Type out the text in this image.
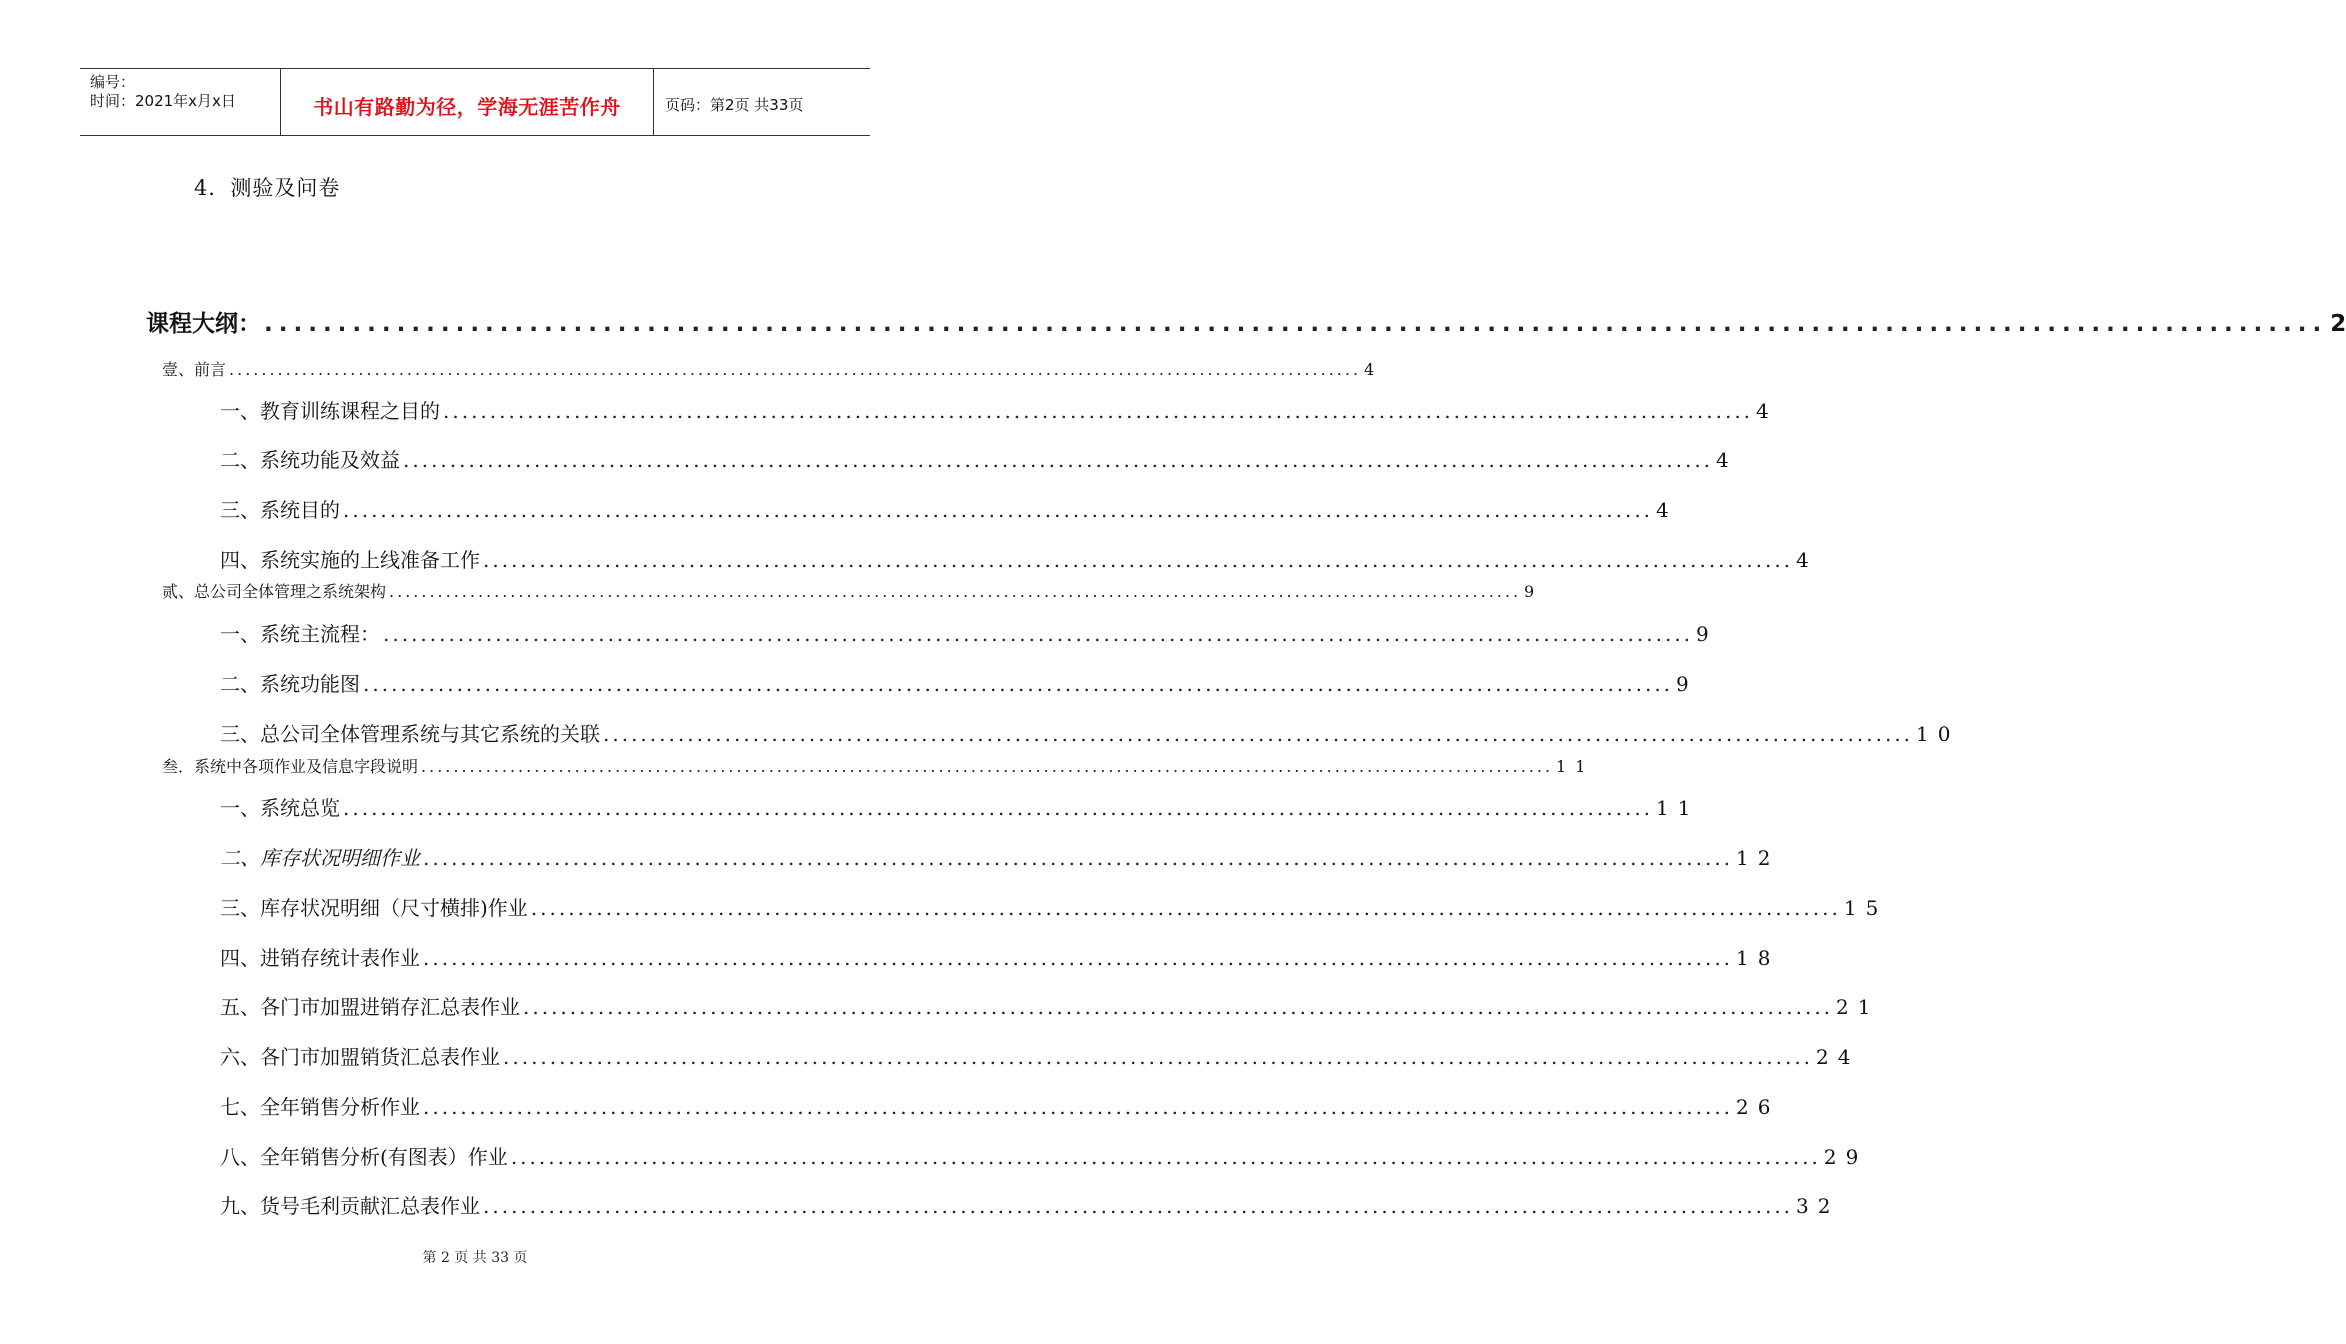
编号：
时间：2021年x月x日	书山有路勤为径，学海无涯苦作舟	页码：第2页 共33页
4．测验及问卷
课程大纲： ............................................................................................................................................ 2
壹、前言 ............................................................................................................................................ 4
一、教育训练课程之目的 ............................................................................................................................................ 4
二、系统功能及效益 ............................................................................................................................................ 4
三、系统目的 ............................................................................................................................................ 4
四、系统实施的上线准备工作 ............................................................................................................................................ 4
贰、总公司全体管理之系统架构 ............................................................................................................................................ 9
一、系统主流程： ............................................................................................................................................ 9
二、系统功能图 ............................................................................................................................................ 9
三、总公司全体管理系统与其它系统的关联 ............................................................................................................................................ 10
叁．系统中各项作业及信息字段说明 ............................................................................................................................................ 11
一、系统总览 ............................................................................................................................................ 11
二、库存状况明细作业 ............................................................................................................................................ 12
三、库存状况明细（尺寸横排)作业 ............................................................................................................................................ 15
四、进销存统计表作业 ............................................................................................................................................ 18
五、各门市加盟进销存汇总表作业 ............................................................................................................................................ 21
六、各门市加盟销货汇总表作业 ............................................................................................................................................ 24
七、全年销售分析作业 ............................................................................................................................................ 26
八、全年销售分析(有图表）作业 ............................................................................................................................................ 29
九、货号毛利贡献汇总表作业 ............................................................................................................................................ 32
第 2 页 共 33 页
